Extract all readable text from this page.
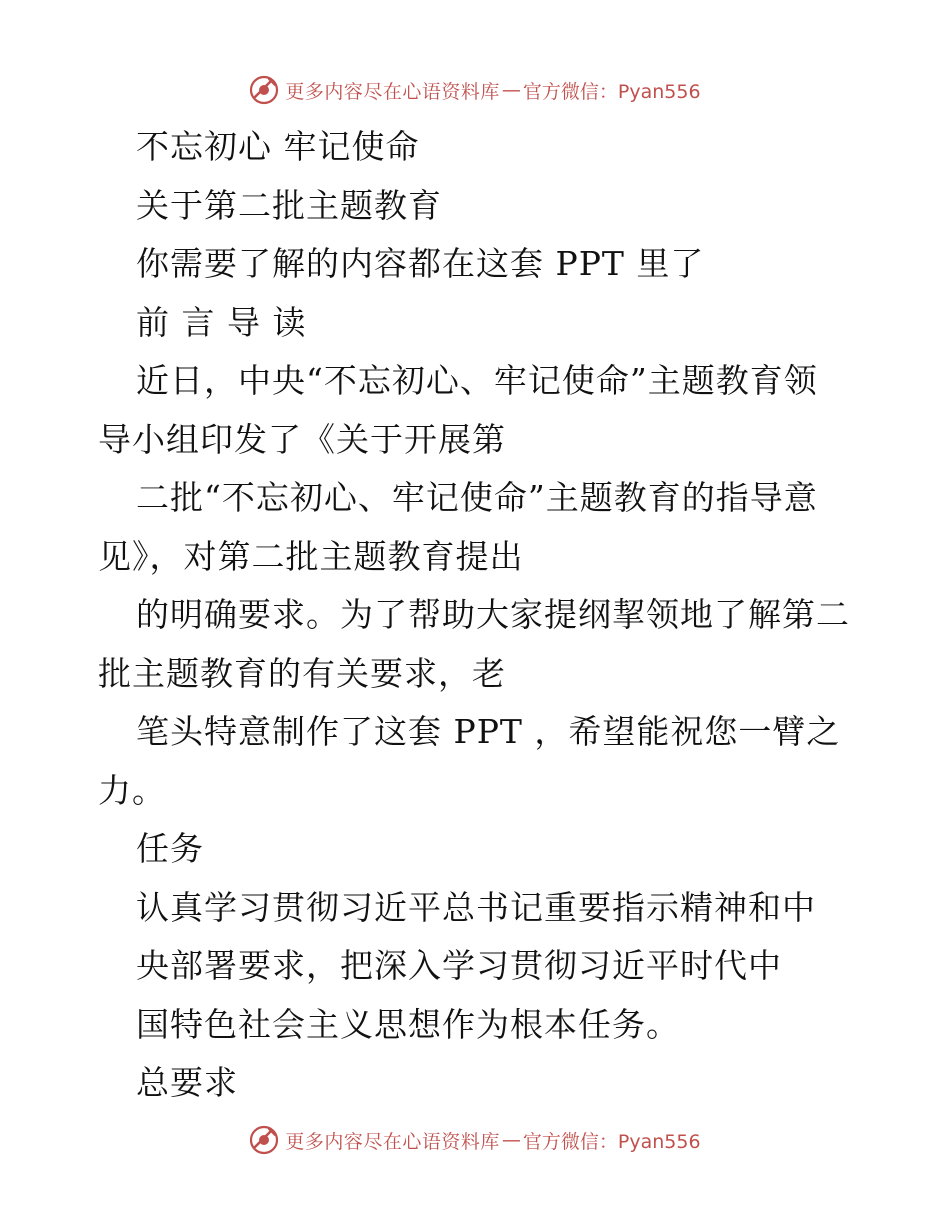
更多内容尽在心语资料库 — 官方微信：Pyan556
不忘初心 牢记使命
关于第二批主题教育
你需要了解的内容都在这套 PPT 里了
前 言 导 读
近日，中央“不忘初心、牢记使命”主题教育领
导小组印发了《关于开展第
二批“不忘初心、牢记使命”主题教育的指导意
见》，对第二批主题教育提出
的明确要求。为了帮助大家提纲挈领地了解第二
批主题教育的有关要求，老
笔头特意制作了这套 PPT ，希望能祝您一臂之
力。
任务
认真学习贯彻习近平总书记重要指示精神和中
央部署要求，把深入学习贯彻习近平时代中
国特色社会主义思想作为根本任务。
总要求
更多内容尽在心语资料库 — 官方微信：Pyan556
